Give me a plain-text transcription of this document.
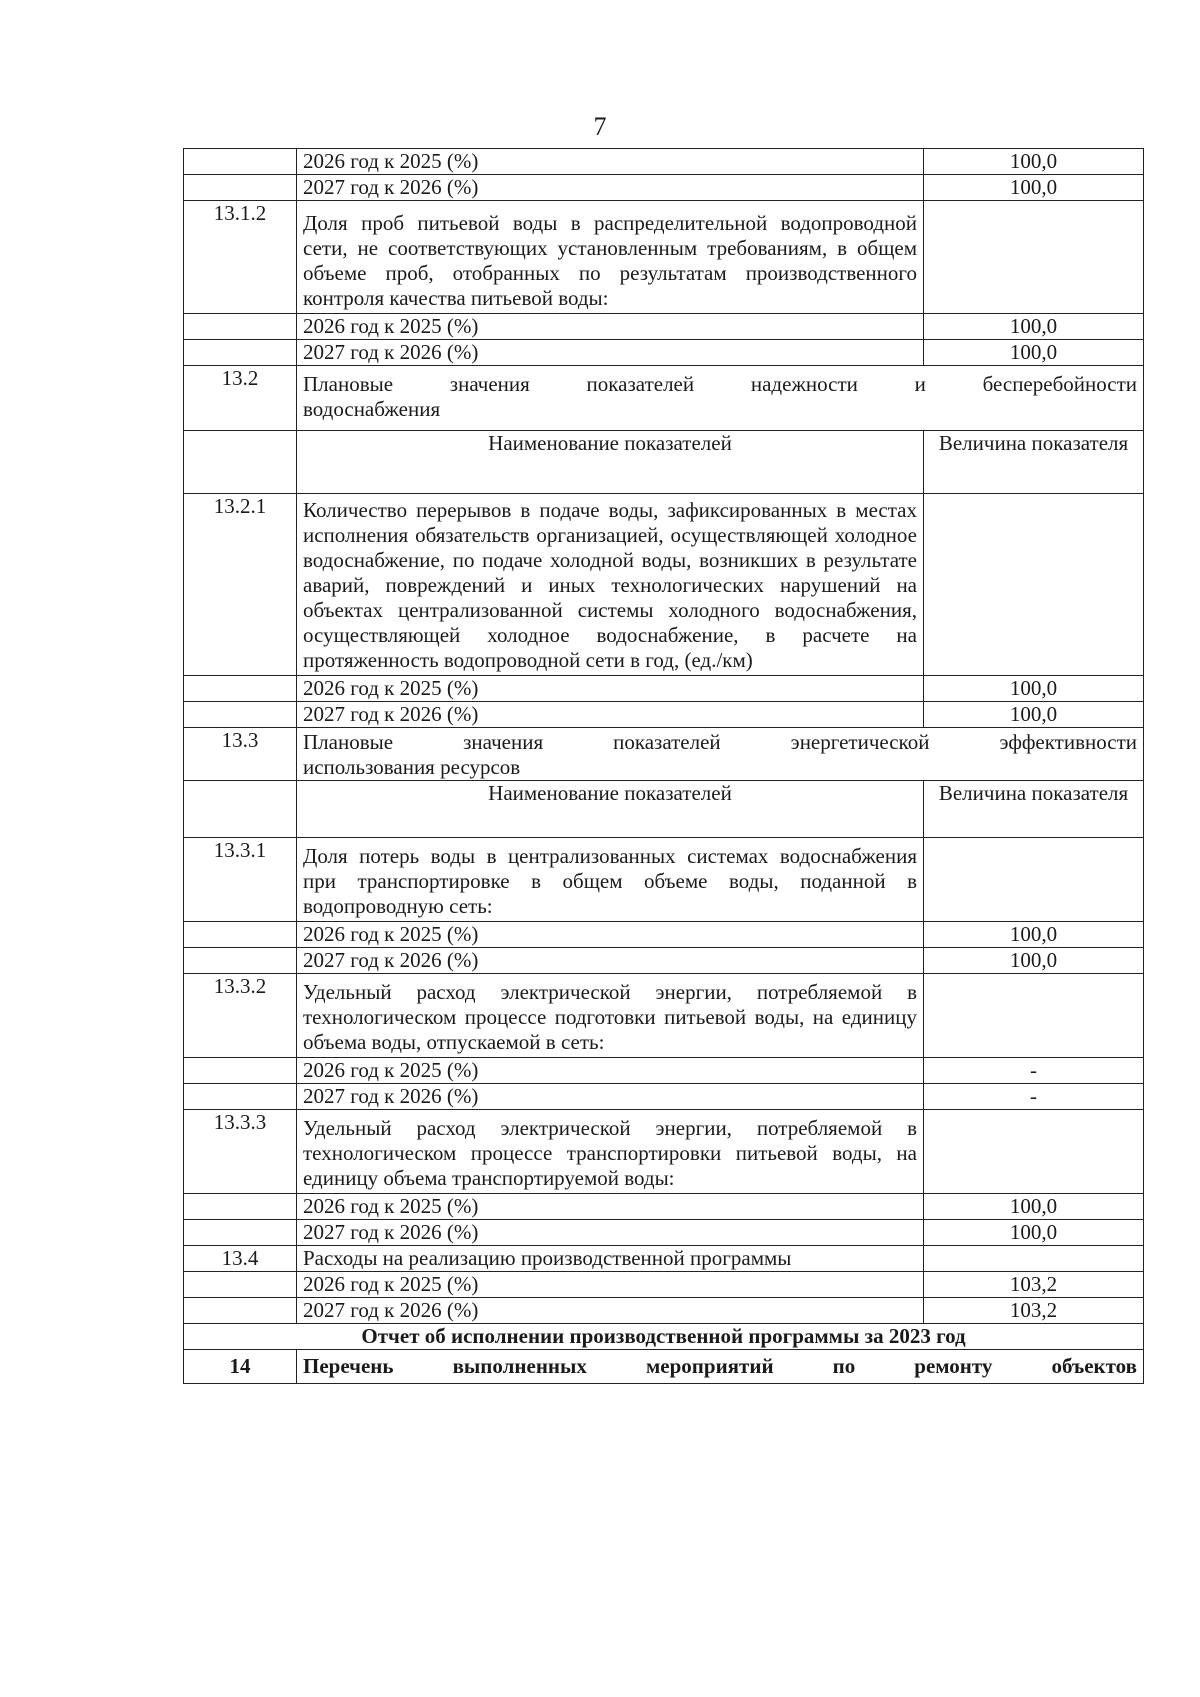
7
	2026 год к 2025 (%)	100,0
	2027 год к 2026 (%)	100,0
13.1.2	Доля проб питьевой воды в распределительной водопроводной сети, не соответствующих установленным требованиям, в общем объеме проб, отобранных по результатам производственного контроля качества питьевой воды:	
	2026 год к 2025 (%)	100,0
	2027 год к 2026 (%)	100,0
13.2	Плановые значения показателей надежности и бесперебойности
водоснабжения	
	Наименование показателей	Величина показателя
13.2.1	Количество перерывов в подаче воды, зафиксированных в местах исполнения обязательств организацией, осуществляющей холодное водоснабжение, по подаче холодной воды, возникших в результате аварий, повреждений и иных технологических нарушений на объектах централизованной системы холодного водоснабжения, осуществляющей холодное водоснабжение, в расчете на протяженность водопроводной сети в год, (ед./км)	
	2026 год к 2025 (%)	100,0
	2027 год к 2026 (%)	100,0
13.3	Плановые значения показателей энергетической эффективности
использования ресурсов	
	Наименование показателей	Величина показателя
13.3.1	Доля потерь воды в централизованных системах водоснабжения при транспортировке в общем объеме воды, поданной в водопроводную сеть:	
	2026 год к 2025 (%)	100,0
	2027 год к 2026 (%)	100,0
13.3.2	Удельный расход электрической энергии, потребляемой в технологическом процессе подготовки питьевой воды, на единицу объема воды, отпускаемой в сеть:	
	2026 год к 2025 (%)	-
	2027 год к 2026 (%)	-
13.3.3	Удельный расход электрической энергии, потребляемой в технологическом процессе транспортировки питьевой воды, на единицу объема транспортируемой воды:	
	2026 год к 2025 (%)	100,0
	2027 год к 2026 (%)	100,0
13.4	Расходы на реализацию производственной программы	
	2026 год к 2025 (%)	103,2
	2027 год к 2026 (%)	103,2
Отчет об исполнении производственной программы за 2023 год		
14	Перечень выполненных мероприятий по ремонту объектов	
